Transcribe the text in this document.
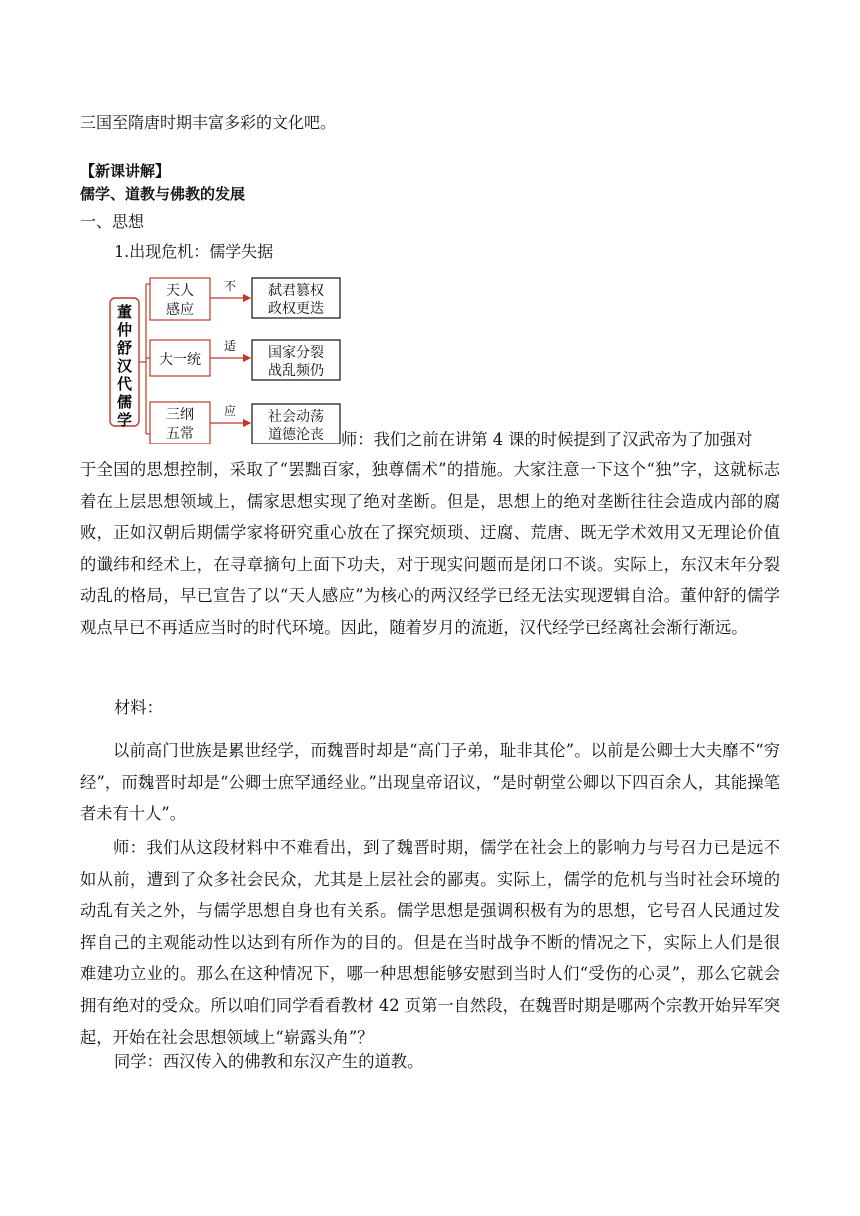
三国至隋唐时期丰富多彩的文化吧。
【新课讲解】
儒学、道教与佛教的发展
一、思想
1.出现危机：儒学失据
董
仲
舒
汉
代
儒
学
天人
感应
大一统
三纲
五常
不
适
应
弑君篡权
政权更迭
国家分裂
战乱频仍
社会动荡
道德沦丧 师：我们之前在讲第 4 课的时候提到了汉武帝为了加强对
于全国的思想控制，采取了“罢黜百家，独尊儒术”的措施。大家注意一下这个“独”字，这就标志着在上层思想领域上，儒家思想实现了绝对垄断。但是，思想上的绝对垄断往往会造成内部的腐败，正如汉朝后期儒学家将研究重心放在了探究烦琐、迂腐、荒唐、既无学术效用又无理论价值的谶纬和经术上，在寻章摘句上面下功夫，对于现实问题而是闭口不谈。实际上，东汉末年分裂动乱的格局，早已宣告了以“天人感应”为核心的两汉经学已经无法实现逻辑自洽。董仲舒的儒学观点早已不再适应当时的时代环境。因此，随着岁月的流逝，汉代经学已经离社会渐行渐远。
材料：
以前高门世族是累世经学，而魏晋时却是“高门子弟，耻非其伦”。以前是公卿士大夫靡不“穷经”，而魏晋时却是“公卿士庶罕通经业。”出现皇帝诏议，“是时朝堂公卿以下四百余人，其能操笔者未有十人”。
师：我们从这段材料中不难看出，到了魏晋时期，儒学在社会上的影响力与号召力已是远不如从前，遭到了众多社会民众，尤其是上层社会的鄙夷。实际上，儒学的危机与当时社会环境的动乱有关之外，与儒学思想自身也有关系。儒学思想是强调积极有为的思想，它号召人民通过发挥自己的主观能动性以达到有所作为的目的。但是在当时战争不断的情况之下，实际上人们是很难建功立业的。那么在这种情况下，哪一种思想能够安慰到当时人们“受伤的心灵”，那么它就会拥有绝对的受众。所以咱们同学看看教材 42 页第一自然段，在魏晋时期是哪两个宗教开始异军突起，开始在社会思想领域上“崭露头角”？
同学：西汉传入的佛教和东汉产生的道教。
